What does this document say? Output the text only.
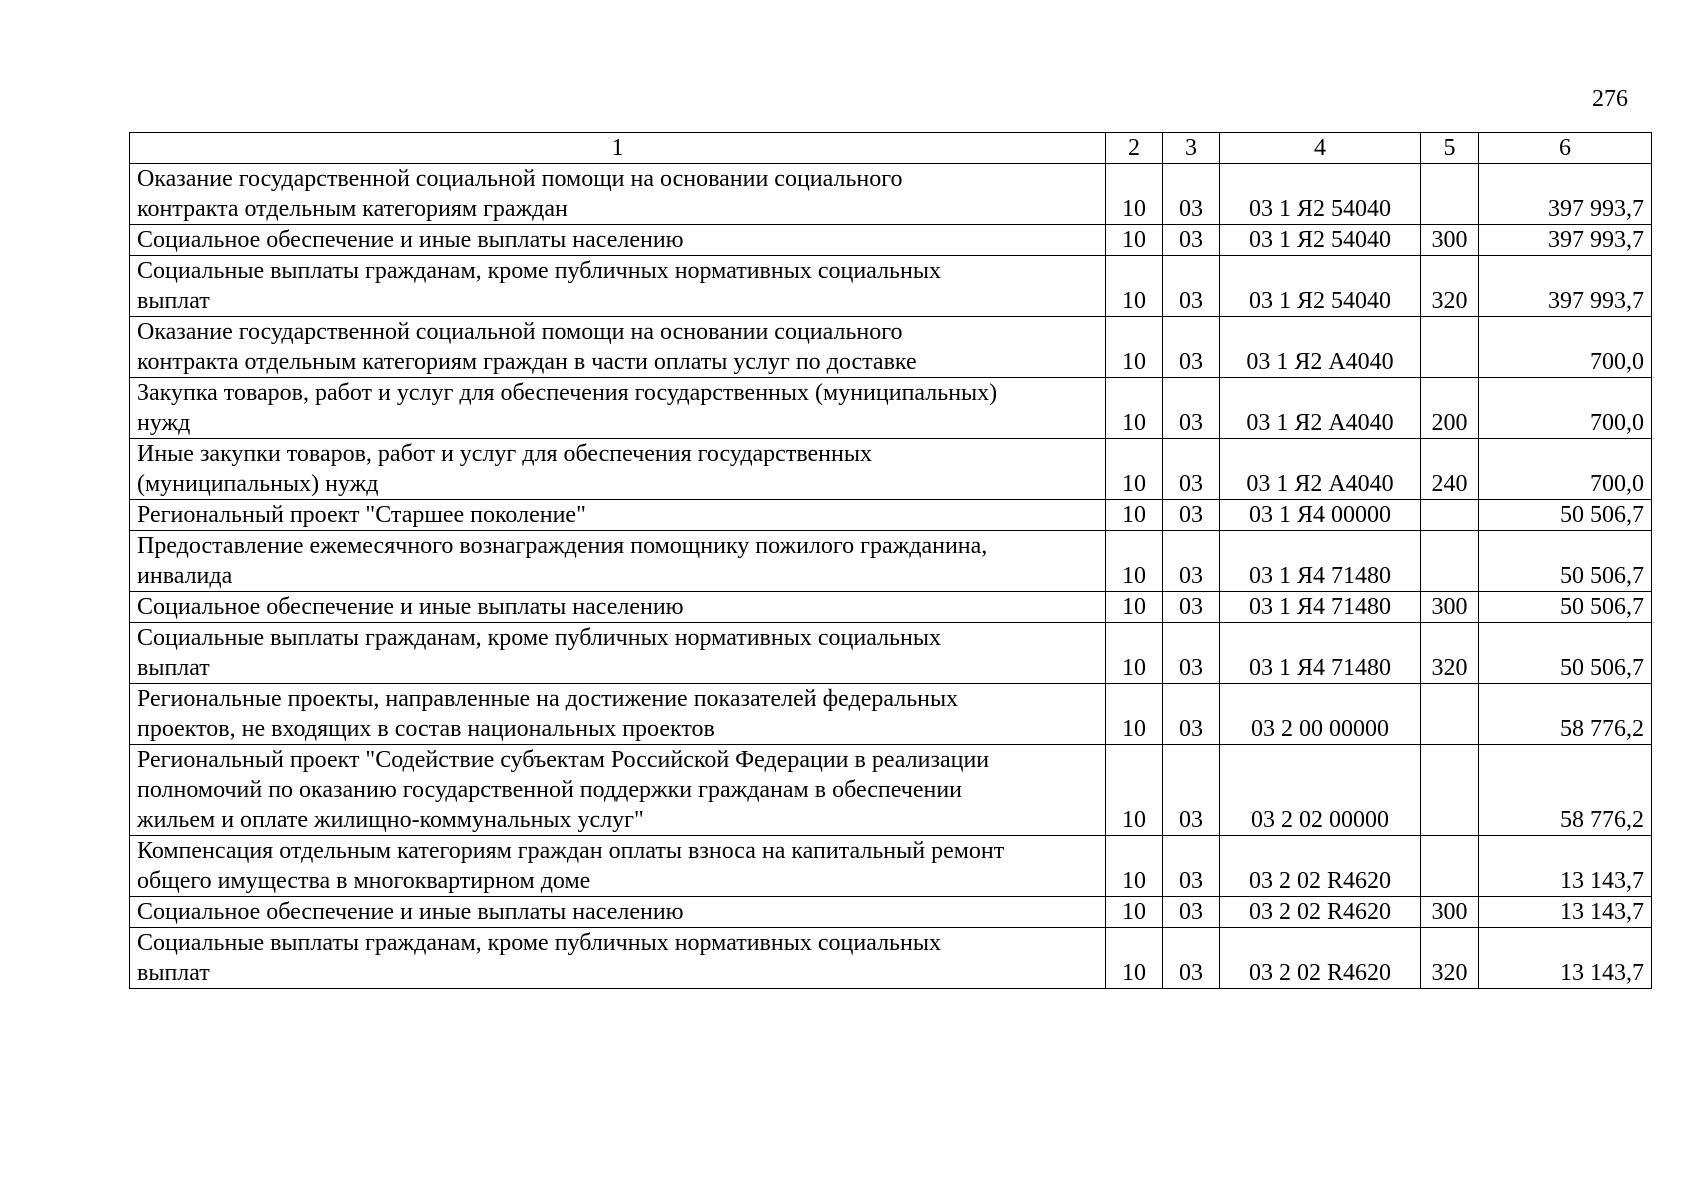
276
1	2	3	4	5	6
Оказание государственной социальной помощи на основании социального
контракта отдельным категориям граждан	10	03	03 1 Я2 54040		397 993,7
Социальное обеспечение и иные выплаты населению	10	03	03 1 Я2 54040	300	397 993,7
Социальные выплаты гражданам, кроме публичных нормативных социальных
выплат	10	03	03 1 Я2 54040	320	397 993,7
Оказание государственной социальной помощи на основании социального
контракта отдельным категориям граждан в части оплаты услуг по доставке	10	03	03 1 Я2 А4040		700,0
Закупка товаров, работ и услуг для обеспечения государственных (муниципальных)
нужд	10	03	03 1 Я2 А4040	200	700,0
Иные закупки товаров, работ и услуг для обеспечения государственных
(муниципальных) нужд	10	03	03 1 Я2 А4040	240	700,0
Региональный проект "Старшее поколение"	10	03	03 1 Я4 00000		50 506,7
Предоставление ежемесячного вознаграждения помощнику пожилого гражданина,
инвалида	10	03	03 1 Я4 71480		50 506,7
Социальное обеспечение и иные выплаты населению	10	03	03 1 Я4 71480	300	50 506,7
Социальные выплаты гражданам, кроме публичных нормативных социальных
выплат	10	03	03 1 Я4 71480	320	50 506,7
Региональные проекты, направленные на достижение показателей федеральных
проектов, не входящих в состав национальных проектов	10	03	03 2 00 00000		58 776,2
Региональный проект "Содействие субъектам Российской Федерации в реализации
полномочий по оказанию государственной поддержки гражданам в обеспечении
жильем и оплате жилищно-коммунальных услуг"	10	03	03 2 02 00000		58 776,2
Компенсация отдельным категориям граждан оплаты взноса на капитальный ремонт
общего имущества в многоквартирном доме	10	03	03 2 02 R4620		13 143,7
Социальное обеспечение и иные выплаты населению	10	03	03 2 02 R4620	300	13 143,7
Социальные выплаты гражданам, кроме публичных нормативных социальных
выплат	10	03	03 2 02 R4620	320	13 143,7
